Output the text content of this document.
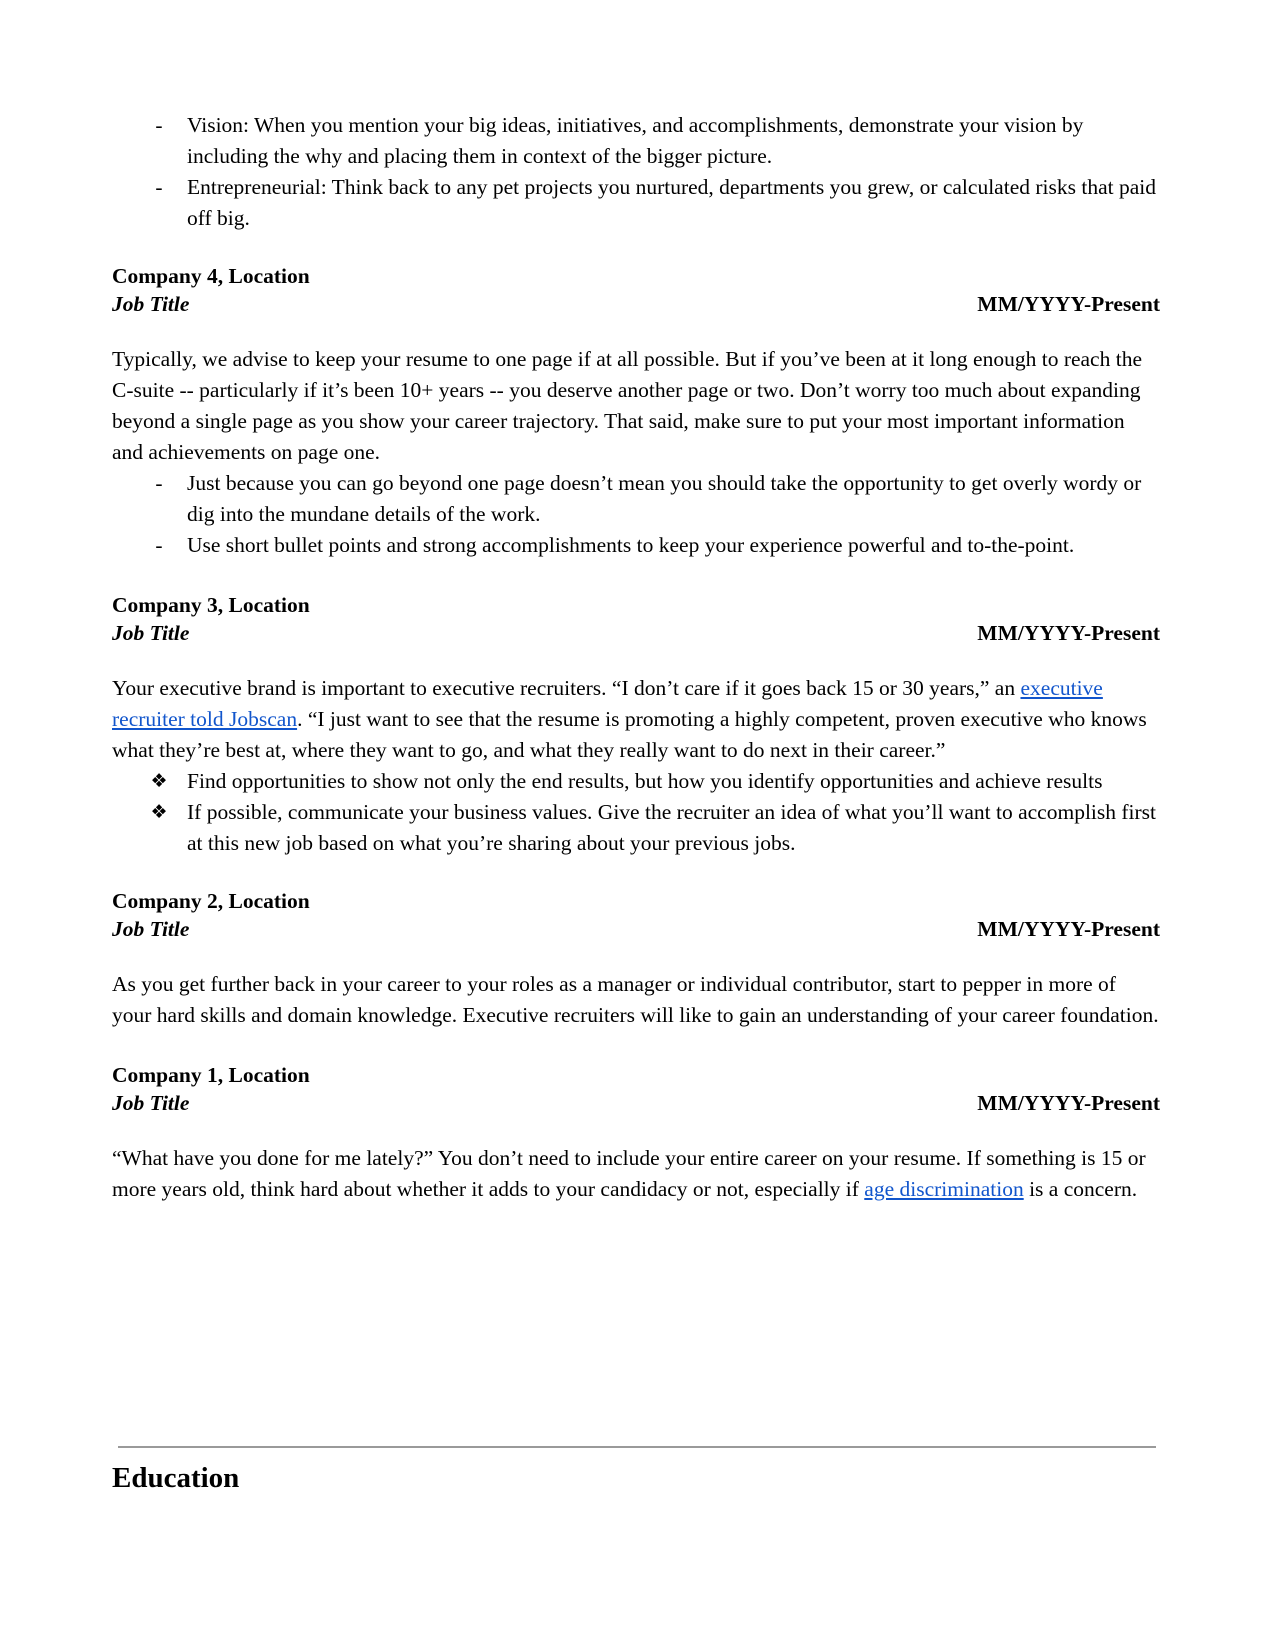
- Vision: When you mention your big ideas, initiatives, and accomplishments, demonstrate your vision by including the why and placing them in context of the bigger picture.
- Entrepreneurial: Think back to any pet projects you nurtured, departments you grew, or calculated risks that paid off big.
Company 4, Location
Job Title	MM/YYYY-Present
Typically, we advise to keep your resume to one page if at all possible. But if you’ve been at it long enough to reach the C-suite -- particularly if it’s been 10+ years -- you deserve another page or two. Don’t worry too much about expanding beyond a single page as you show your career trajectory. That said, make sure to put your most important information and achievements on page one.
- Just because you can go beyond one page doesn’t mean you should take the opportunity to get overly wordy or dig into the mundane details of the work.
- Use short bullet points and strong accomplishments to keep your experience powerful and to-the-point.
Company 3, Location
Job Title	MM/YYYY-Present
Your executive brand is important to executive recruiters. “I don’t care if it goes back 15 or 30 years,” an executive recruiter told Jobscan. “I just want to see that the resume is promoting a highly competent, proven executive who knows what they’re best at, where they want to go, and what they really want to do next in their career.”
❖ Find opportunities to show not only the end results, but how you identify opportunities and achieve results
❖ If possible, communicate your business values. Give the recruiter an idea of what you’ll want to accomplish first at this new job based on what you’re sharing about your previous jobs.
Company 2, Location
Job Title	MM/YYYY-Present
As you get further back in your career to your roles as a manager or individual contributor, start to pepper in more of your hard skills and domain knowledge. Executive recruiters will like to gain an understanding of your career foundation.
Company 1, Location
Job Title	MM/YYYY-Present
“What have you done for me lately?” You don’t need to include your entire career on your resume. If something is 15 or more years old, think hard about whether it adds to your candidacy or not, especially if age discrimination is a concern.
Education
